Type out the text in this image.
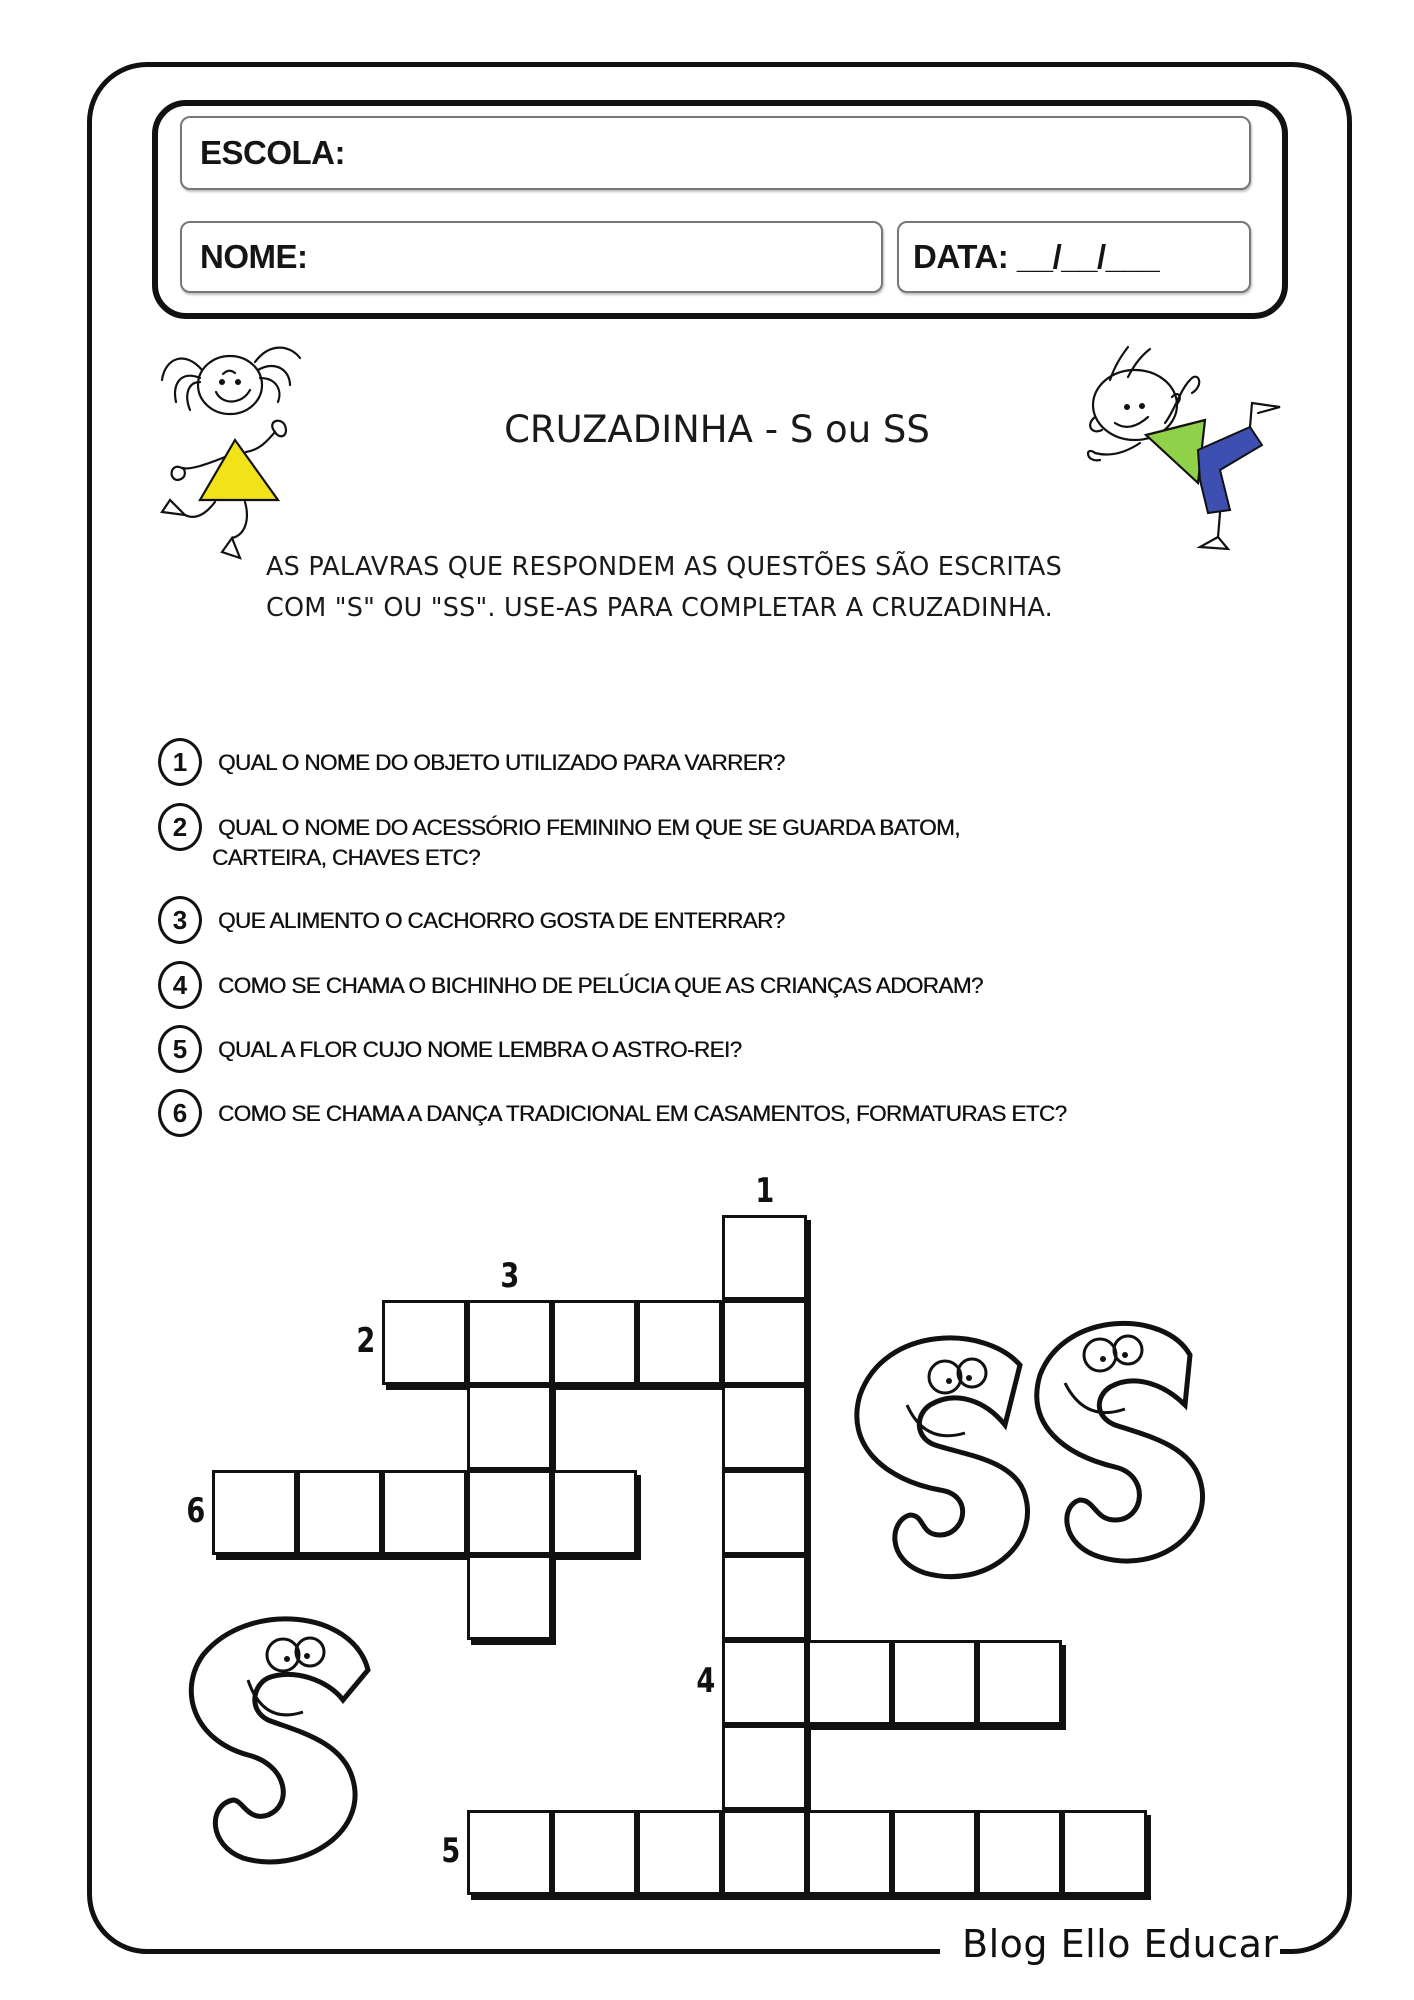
Blog Ello Educar
ESCOLA:
NOME:	DATA: __/__/___
CRUZADINHA - S ou SS
AS PALAVRAS QUE RESPONDEM AS QUESTÕES SÃO ESCRITAS
COM "S" OU "SS". USE-AS PARA COMPLETAR A CRUZADINHA.
1	QUAL O NOME DO OBJETO UTILIZADO PARA VARRER?
2	QUAL O NOME DO ACESSÓRIO FEMININO EM QUE SE GUARDA BATOM,
CARTEIRA, CHAVES ETC?
3	QUE ALIMENTO O CACHORRO GOSTA DE ENTERRAR?
4	COMO SE CHAMA O BICHINHO DE PELÚCIA QUE AS CRIANÇAS ADORAM?
5	QUAL A FLOR CUJO NOME LEMBRA O ASTRO-REI?
6	COMO SE CHAMA A DANÇA TRADICIONAL EM CASAMENTOS, FORMATURAS ETC?
1
2
3
4
5
6
